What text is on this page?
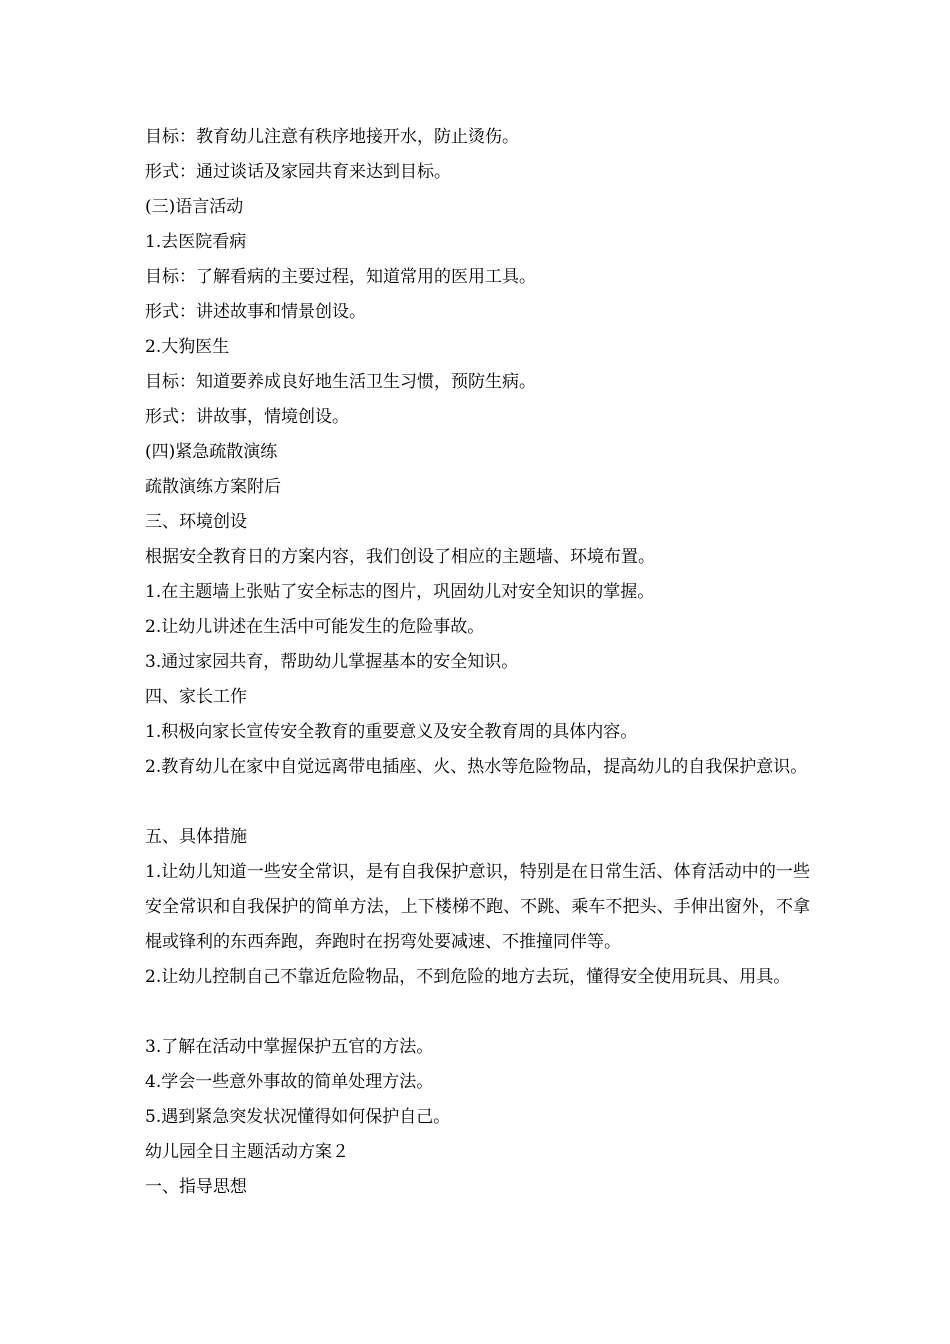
目标：教育幼儿注意有秩序地接开水，防止烫伤。

形式：通过谈话及家园共育来达到目标。

(三)语言活动

1.去医院看病

目标：了解看病的主要过程，知道常用的医用工具。

形式：讲述故事和情景创设。

2.大狗医生

目标：知道要养成良好地生活卫生习惯，预防生病。

形式：讲故事，情境创设。

(四)紧急疏散演练

疏散演练方案附后

三、环境创设

根据安全教育日的方案内容，我们创设了相应的主题墙、环境布置。

1.在主题墙上张贴了安全标志的图片，巩固幼儿对安全知识的掌握。

2.让幼儿讲述在生活中可能发生的危险事故。

3.通过家园共育，帮助幼儿掌握基本的安全知识。

四、家长工作

1.积极向家长宣传安全教育的重要意义及安全教育周的具体内容。

2.教育幼儿在家中自觉远离带电插座、火、热水等危险物品，提高幼儿的自我保护意识。

五、具体措施

1.让幼儿知道一些安全常识，是有自我保护意识，特别是在日常生活、体育活动中的一些安全常识和自我保护的简单方法，上下楼梯不跑、不跳、乘车不把头、手伸出窗外，不拿棍或锋利的东西奔跑，奔跑时在拐弯处要减速、不推撞同伴等。

2.让幼儿控制自己不靠近危险物品，不到危险的地方去玩，懂得安全使用玩具、用具。

3.了解在活动中掌握保护五官的方法。

4.学会一些意外事故的简单处理方法。

5.遇到紧急突发状况懂得如何保护自己。

幼儿园全日主题活动方案２

一、指导思想
